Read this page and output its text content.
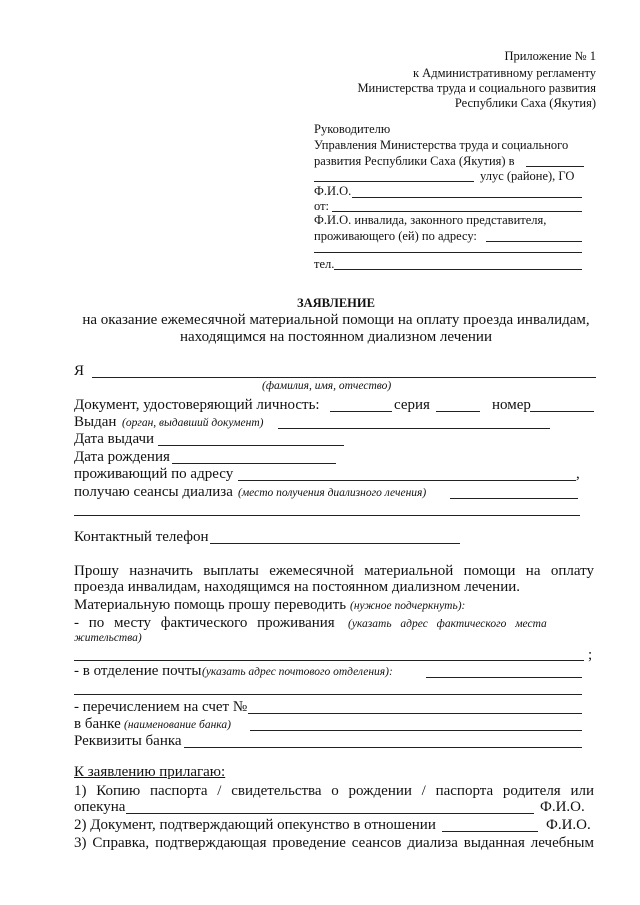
Приложение № 1
к Административному регламенту
Министерства труда и социального развития
Республики Саха (Якутия)
Руководителю
Управления Министерства труда и социального
развития Республики Саха (Якутия) в
улус (районе), ГО
Ф.И.О.
от:
Ф.И.О. инвалида, законного представителя,
проживающего (ей) по адресу:
тел.
ЗАЯВЛЕНИЕ
на оказание ежемесячной материальной помощи на оплату проезда инвалидам,
находящимся на постоянном диализном лечении
Я
(фамилия, имя, отчество)
Документ, удостоверяющий личность:	серия	номер
Выдан (орган, выдавший документ)
Дата выдачи
Дата рождения
проживающий по адресу	,
получаю сеансы диализа (место получения диализного лечения)
Контактный телефон
Прошу назначить выплаты ежемесячной материальной помощи на оплату
проезда инвалидам, находящимся на постоянном диализном лечении.
Материальную помощь прошу переводить (нужное подчеркнуть):
- по месту фактического проживания (указать адрес фактического места
жительства)
;
- в отделение почты (указать адрес почтового отделения):
- перечислением на счет №
в банке (наименование банка)
Реквизиты банка
К заявлению прилагаю:
1) Копию паспорта / свидетельства о рождении / паспорта родителя или
опекуна	Ф.И.О.
2) Документ, подтверждающий опекунство в отношении	Ф.И.О.
3) Справка, подтверждающая проведение сеансов диализа выданная лечебным
